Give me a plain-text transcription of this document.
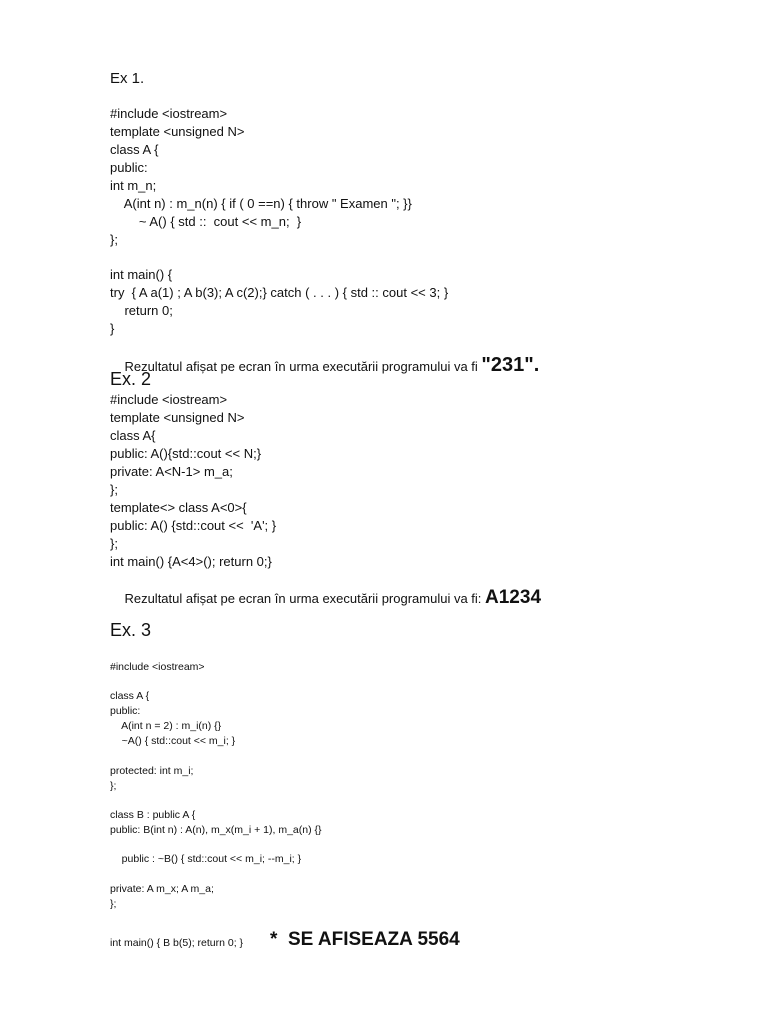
Ex 1.
#include <iostream>
template <unsigned N>
class A {
public:
int m_n;
A(int n) : m_n(n) { if ( 0 ==n) { throw " Examen "; }}
~ A() { std ::  cout << m_n;  }
};
int main() {
try  { A a(1) ; A b(3); A c(2);} catch ( . . . ) { std :: cout << 3; }
return 0;
}

Rezultatul afișat pe ecran în urma executării programului va fi "231".

Ex. 2
#include <iostream>
template <unsigned N>
class A{
public: A(){std::cout << N;}
private: A<N-1> m_a;
};
template<> class A<0>{
public: A() {std::cout <<  'A'; }
};
int main() {A<4>(); return 0;}

Rezultatul afișat pe ecran în urma executării programului va fi: A1234

Ex. 3
#include <iostream>
class A {
public:
A(int n = 2) : m_i(n) {}
~A() { std::cout << m_i; }
protected: int m_i;
};
class B : public A {
public: B(int n) : A(n), m_x(m_i + 1), m_a(n) {}
public : ~B() { std::cout << m_i; --m_i; }
private: A m_x; A m_a;
};
int main() { B b(5); return 0; } *  SE AFISEAZA 5564
